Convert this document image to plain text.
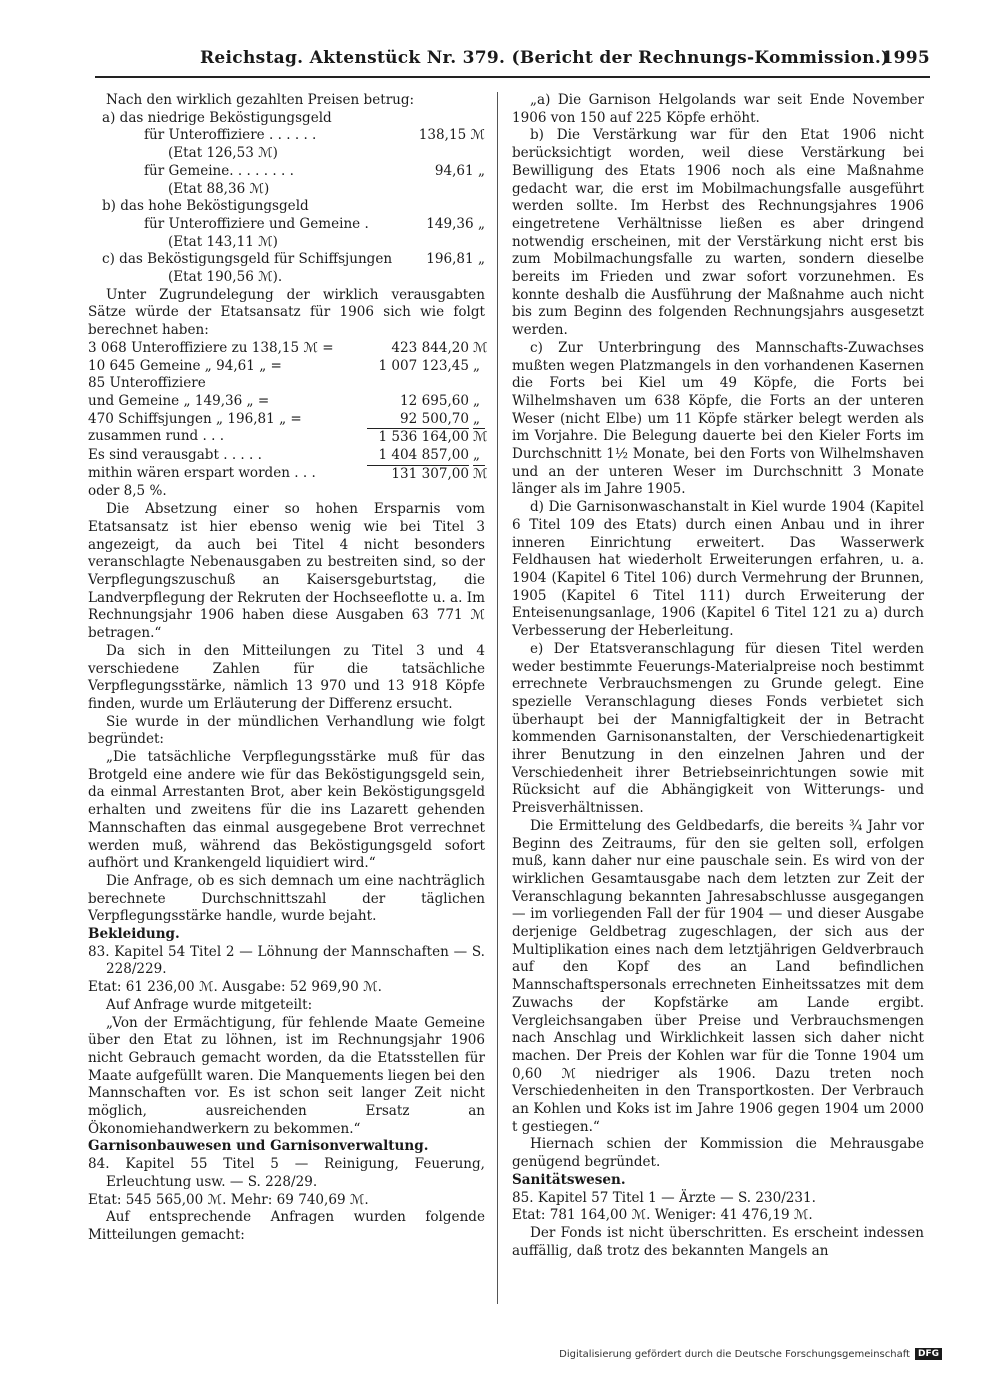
Reichstag. Aktenstück Nr. 379. (Bericht der Rechnungs-Kommission.)
1995

Nach den wirklich gezahlten Preisen betrug:

a) das niedrige Beköstigungsgeld

für Unteroffiziere . . . . . .	138,15 ℳ

(Etat 126,53 ℳ)

für Gemeine. . . . . . . .	94,61 „

(Etat 88,36 ℳ)

b) das hohe Beköstigungsgeld

für Unteroffiziere und Gemeine .	149,36 „

(Etat 143,11 ℳ)

c) das Beköstigungsgeld für Schiffsjungen	196,81 „

(Etat 190,56 ℳ).

Unter Zugrundelegung der wirklich verausgabten Sätze würde der Etatsansatz für 1906 sich wie folgt berechnet haben:

3 068 Unteroffiziere zu 138,15 ℳ =	423 844,20 ℳ
10 645 Gemeine „ 94,61 „ =	1 007 123,45 „
85 Unteroffiziere
und Gemeine „ 149,36 „ =	12 695,60 „
470 Schiffsjungen „ 196,81 „ =	92 500,70 „
zusammen rund . . .	1 536 164,00 ℳ
Es sind verausgabt . . . . .	1 404 857,00 „
mithin wären erspart worden . . .	131 307,00 ℳ

oder 8,5 %.

Die Absetzung einer so hohen Ersparnis vom Etatsansatz ist hier ebenso wenig wie bei Titel 3 angezeigt, da auch bei Titel 4 nicht besonders veranschlagte Nebenausgaben zu bestreiten sind, so der Verpflegungszuschuß an Kaisersgeburtstag, die Landverpflegung der Rekruten der Hochseeflotte u. a. Im Rechnungsjahr 1906 haben diese Ausgaben 63 771 ℳ betragen.“

Da sich in den Mitteilungen zu Titel 3 und 4 verschiedene Zahlen für die tatsächliche Verpflegungsstärke, nämlich 13 970 und 13 918 Köpfe finden, wurde um Erläuterung der Differenz ersucht.

Sie wurde in der mündlichen Verhandlung wie folgt begründet:

„Die tatsächliche Verpflegungsstärke muß für das Brotgeld eine andere wie für das Beköstigungsgeld sein, da einmal Arrestanten Brot, aber kein Beköstigungsgeld erhalten und zweitens für die ins Lazarett gehenden Mannschaften das einmal ausgegebene Brot verrechnet werden muß, während das Beköstigungsgeld sofort aufhört und Krankengeld liquidiert wird.“

Die Anfrage, ob es sich demnach um eine nachträglich berechnete Durchschnittszahl der täglichen Verpflegungsstärke handle, wurde bejaht.

Bekleidung.

83. Kapitel 54 Titel 2 — Löhnung der Mannschaften — S. 228/229.

Etat: 61 236,00 ℳ. Ausgabe: 52 969,90 ℳ.

Auf Anfrage wurde mitgeteilt:

„Von der Ermächtigung, für fehlende Maate Gemeine über den Etat zu löhnen, ist im Rechnungsjahr 1906 nicht Gebrauch gemacht worden, da die Etatsstellen für Maate aufgefüllt waren. Die Manquements liegen bei den Mannschaften vor. Es ist schon seit langer Zeit nicht möglich, ausreichenden Ersatz an Ökonomiehandwerkern zu bekommen.“

Garnisonbauwesen und Garnisonverwaltung.

84. Kapitel 55 Titel 5 — Reinigung, Feuerung, Erleuchtung usw. — S. 228/29.

Etat: 545 565,00 ℳ. Mehr: 69 740,69 ℳ.

Auf entsprechende Anfragen wurden folgende Mitteilungen gemacht:

„a) Die Garnison Helgolands war seit Ende November 1906 von 150 auf 225 Köpfe erhöht.

b) Die Verstärkung war für den Etat 1906 nicht berücksichtigt worden, weil diese Verstärkung bei Bewilligung des Etats 1906 noch als eine Maßnahme gedacht war, die erst im Mobilmachungsfalle ausgeführt werden sollte. Im Herbst des Rechnungsjahres 1906 eingetretene Verhältnisse ließen es aber dringend notwendig erscheinen, mit der Verstärkung nicht erst bis zum Mobilmachungsfalle zu warten, sondern dieselbe bereits im Frieden und zwar sofort vorzunehmen. Es konnte deshalb die Ausführung der Maßnahme auch nicht bis zum Beginn des folgenden Rechnungsjahrs ausgesetzt werden.

c) Zur Unterbringung des Mannschafts-Zuwachses mußten wegen Platzmangels in den vorhandenen Kasernen die Forts bei Kiel um 49 Köpfe, die Forts bei Wilhelmshaven um 638 Köpfe, die Forts an der unteren Weser (nicht Elbe) um 11 Köpfe stärker belegt werden als im Vorjahre. Die Belegung dauerte bei den Kieler Forts im Durchschnitt 1½ Monate, bei den Forts von Wilhelmshaven und an der unteren Weser im Durchschnitt 3 Monate länger als im Jahre 1905.

d) Die Garnisonwaschanstalt in Kiel wurde 1904 (Kapitel 6 Titel 109 des Etats) durch einen Anbau und in ihrer inneren Einrichtung erweitert. Das Wasserwerk Feldhausen hat wiederholt Erweiterungen erfahren, u. a. 1904 (Kapitel 6 Titel 106) durch Vermehrung der Brunnen, 1905 (Kapitel 6 Titel 111) durch Erweiterung der Enteisenungsanlage, 1906 (Kapitel 6 Titel 121 zu a) durch Verbesserung der Heberleitung.

e) Der Etatsveranschlagung für diesen Titel werden weder bestimmte Feuerungs-Materialpreise noch bestimmt errechnete Verbrauchsmengen zu Grunde gelegt. Eine spezielle Veranschlagung dieses Fonds verbietet sich überhaupt bei der Mannigfaltigkeit der in Betracht kommenden Garnisonanstalten, der Verschiedenartigkeit ihrer Benutzung in den einzelnen Jahren und der Verschiedenheit ihrer Betriebseinrichtungen sowie mit Rücksicht auf die Abhängigkeit von Witterungs- und Preisverhältnissen.

Die Ermittelung des Geldbedarfs, die bereits ¾ Jahr vor Beginn des Zeitraums, für den sie gelten soll, erfolgen muß, kann daher nur eine pauschale sein. Es wird von der wirklichen Gesamtausgabe nach dem letzten zur Zeit der Veranschlagung bekannten Jahresabschlusse ausgegangen — im vorliegenden Fall der für 1904 — und dieser Ausgabe derjenige Geldbetrag zugeschlagen, der sich aus der Multiplikation eines nach dem letztjährigen Geldverbrauch auf den Kopf des an Land befindlichen Mannschaftspersonals errechneten Einheitssatzes mit dem Zuwachs der Kopfstärke am Lande ergibt. Vergleichsangaben über Preise und Verbrauchsmengen nach Anschlag und Wirklichkeit lassen sich daher nicht machen. Der Preis der Kohlen war für die Tonne 1904 um 0,60 ℳ niedriger als 1906. Dazu treten noch Verschiedenheiten in den Transportkosten. Der Verbrauch an Kohlen und Koks ist im Jahre 1906 gegen 1904 um 2000 t gestiegen.“

Hiernach schien der Kommission die Mehrausgabe genügend begründet.

Sanitätswesen.

85. Kapitel 57 Titel 1 — Ärzte — S. 230/231.

Etat: 781 164,00 ℳ. Weniger: 41 476,19 ℳ.

Der Fonds ist nicht überschritten. Es erscheint indessen auffällig, daß trotz des bekannten Mangels an

Digitalisierung gefördert durch die Deutsche Forschungsgemeinschaft DFG
